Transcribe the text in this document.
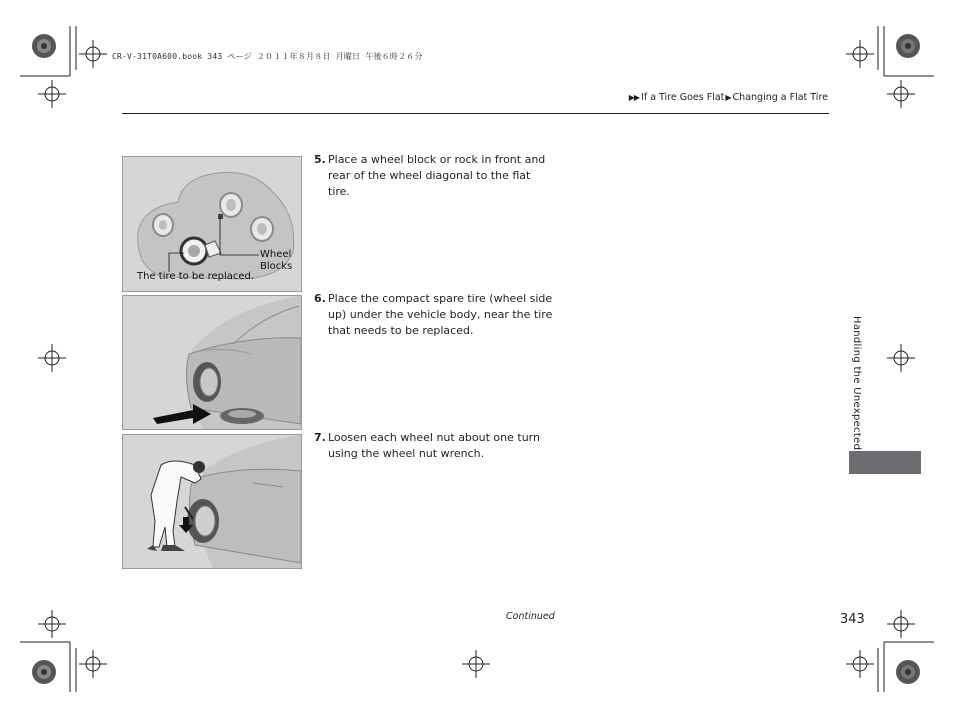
CR-V-31T0A600.book 343 ページ ２０１１年８月８日 月曜日 午後６時２６分
▶▶ If a Tire Goes Flat▶Changing a Flat Tire
Wheel
Blocks
The tire to be replaced.
5. Place a wheel block or rock in front and rear of the wheel diagonal to the flat tire.
6. Place the compact spare tire (wheel side up) under the vehicle body, near the tire that needs to be replaced.
7. Loosen each wheel nut about one turn using the wheel nut wrench.
Handling the Unexpected
Continued	343
